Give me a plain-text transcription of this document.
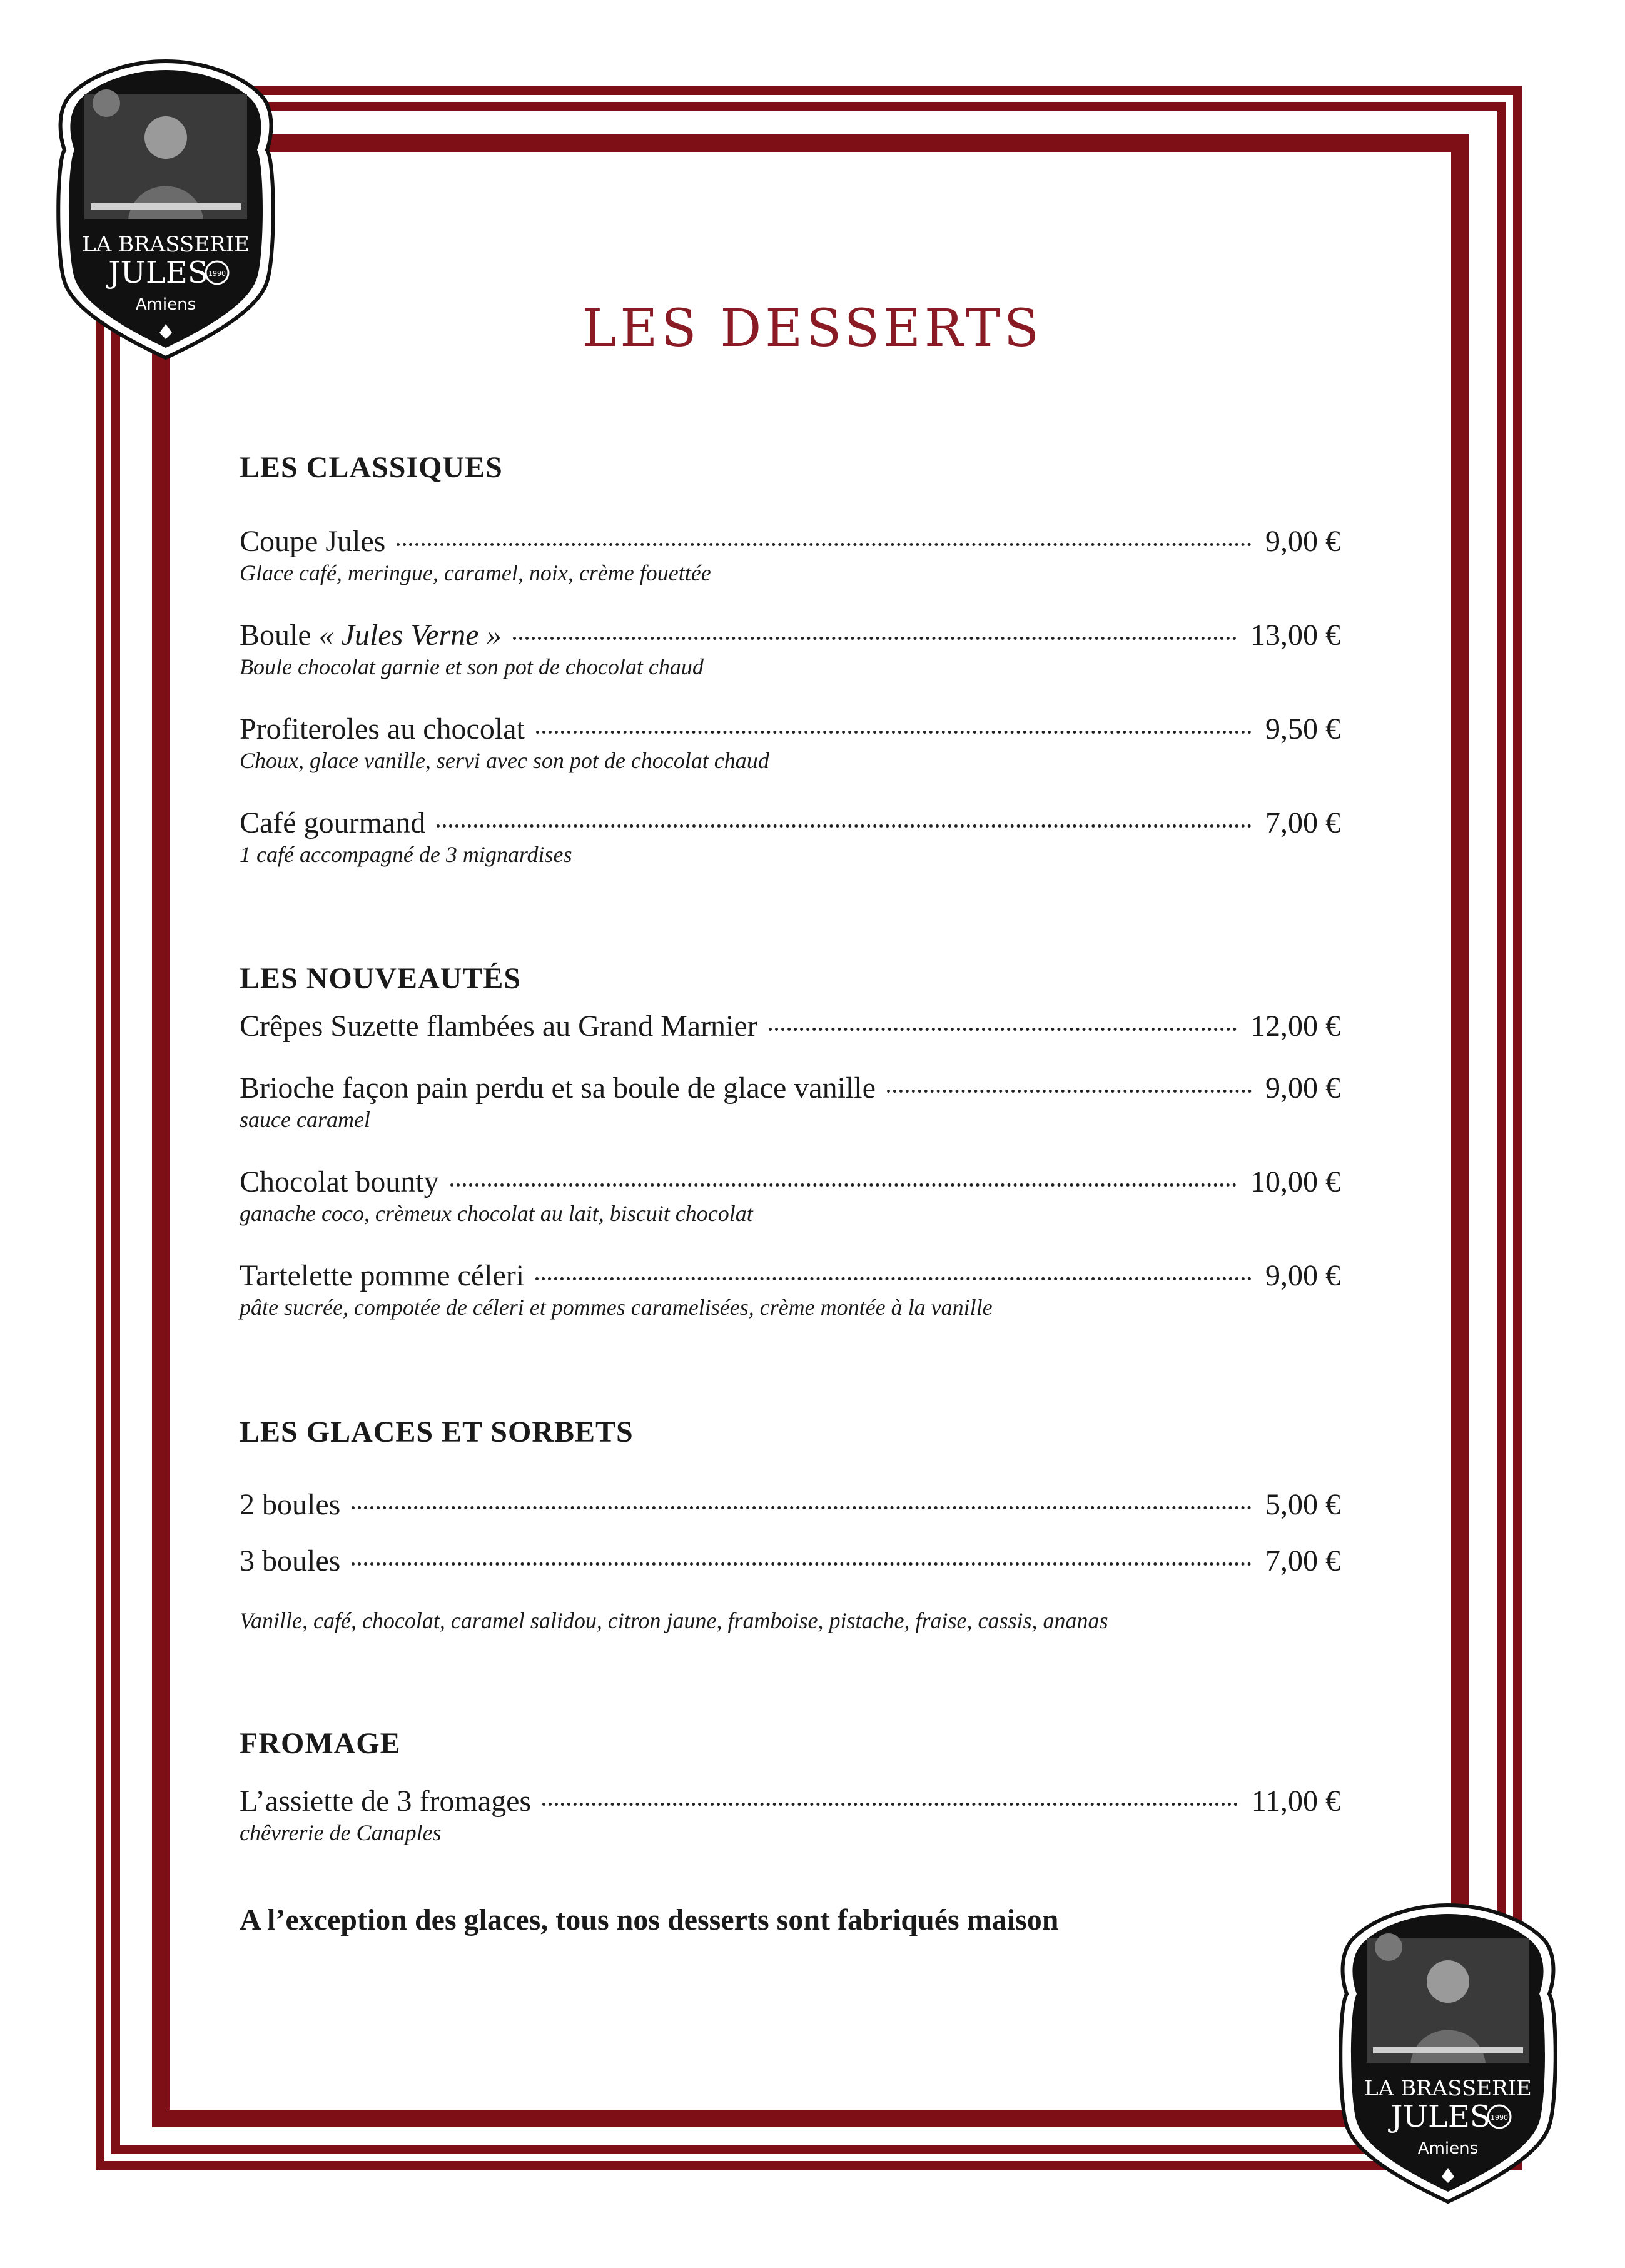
LA BRASSERIE
JULES 1990
Amiens	LES DESSERTS
LES CLASSIQUES
Coupe Jules	9,00 €
Glace café, meringue, caramel, noix, crème fouettée
Boule « Jules Verne »	13,00 €
Boule chocolat garnie et son pot de chocolat chaud
Profiteroles au chocolat	9,50 €
Choux, glace vanille, servi avec son pot de chocolat chaud
Café gourmand	7,00 €
1 café accompagné de 3 mignardises
LES NOUVEAUTÉS
Crêpes Suzette flambées au Grand Marnier	12,00 €
Brioche façon pain perdu et sa boule de glace vanille	9,00 €
sauce caramel
Chocolat bounty	10,00 €
ganache coco, crèmeux chocolat au lait, biscuit chocolat
Tartelette pomme céleri	9,00 €
pâte sucrée, compotée de céleri et pommes caramelisées, crème montée à la vanille
LES GLACES ET SORBETS
2 boules	5,00 €
3 boules	7,00 €
FROMAGE
L’assiette de 3 fromages	11,00 €
chêvrerie de Canaples
Vanille, café, chocolat, caramel salidou, citron jaune, framboise, pistache, fraise, cassis, ananas
A l’exception des glaces, tous nos desserts sont fabriqués maison
LA BRASSERIE
JULES 1990
Amiens
